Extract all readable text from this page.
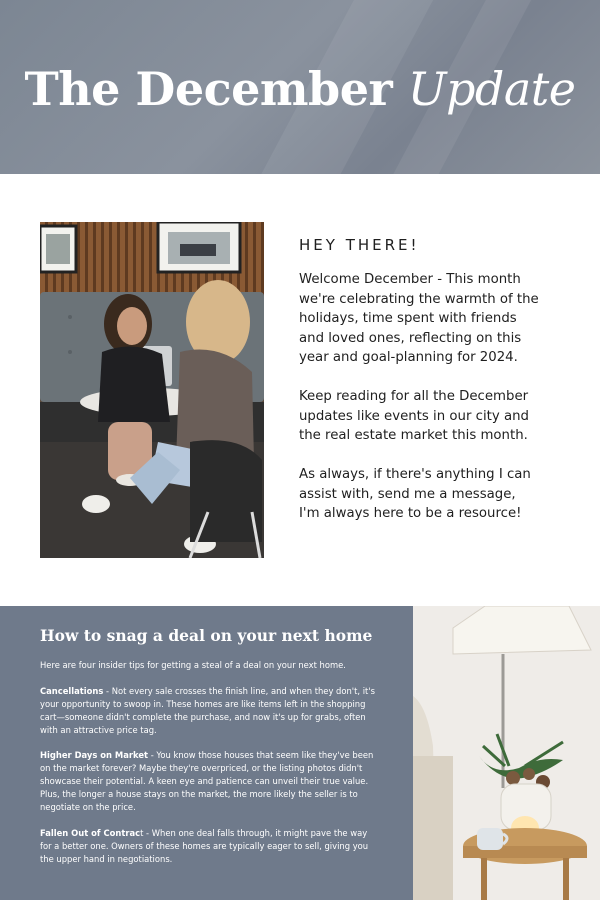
The December Update
HEY THERE!

Welcome December - This month we're celebrating the warmth of the holidays, time spent with friends and loved ones, reflecting on this year and goal-planning for 2024.

Keep reading for all the December updates like events in our city and the real estate market this month.

As always, if there's anything I can assist with, send me a message, I'm always here to be a resource!

How to snag a deal on your next home

Here are four insider tips for getting a steal of a deal on your next home.

Cancellations - Not every sale crosses the finish line, and when they don't, it's your opportunity to swoop in. These homes are like items left in the shopping cart—someone didn't complete the purchase, and now it's up for grabs, often with an attractive price tag.

Higher Days on Market - You know those houses that seem like they've been on the market forever? Maybe they're overpriced, or the listing photos didn't showcase their potential. A keen eye and patience can unveil their true value. Plus, the longer a house stays on the market, the more likely the seller is to negotiate on the price.

Fallen Out of Contract - When one deal falls through, it might pave the way for a better one. Owners of these homes are typically eager to sell, giving you the upper hand in negotiations.
